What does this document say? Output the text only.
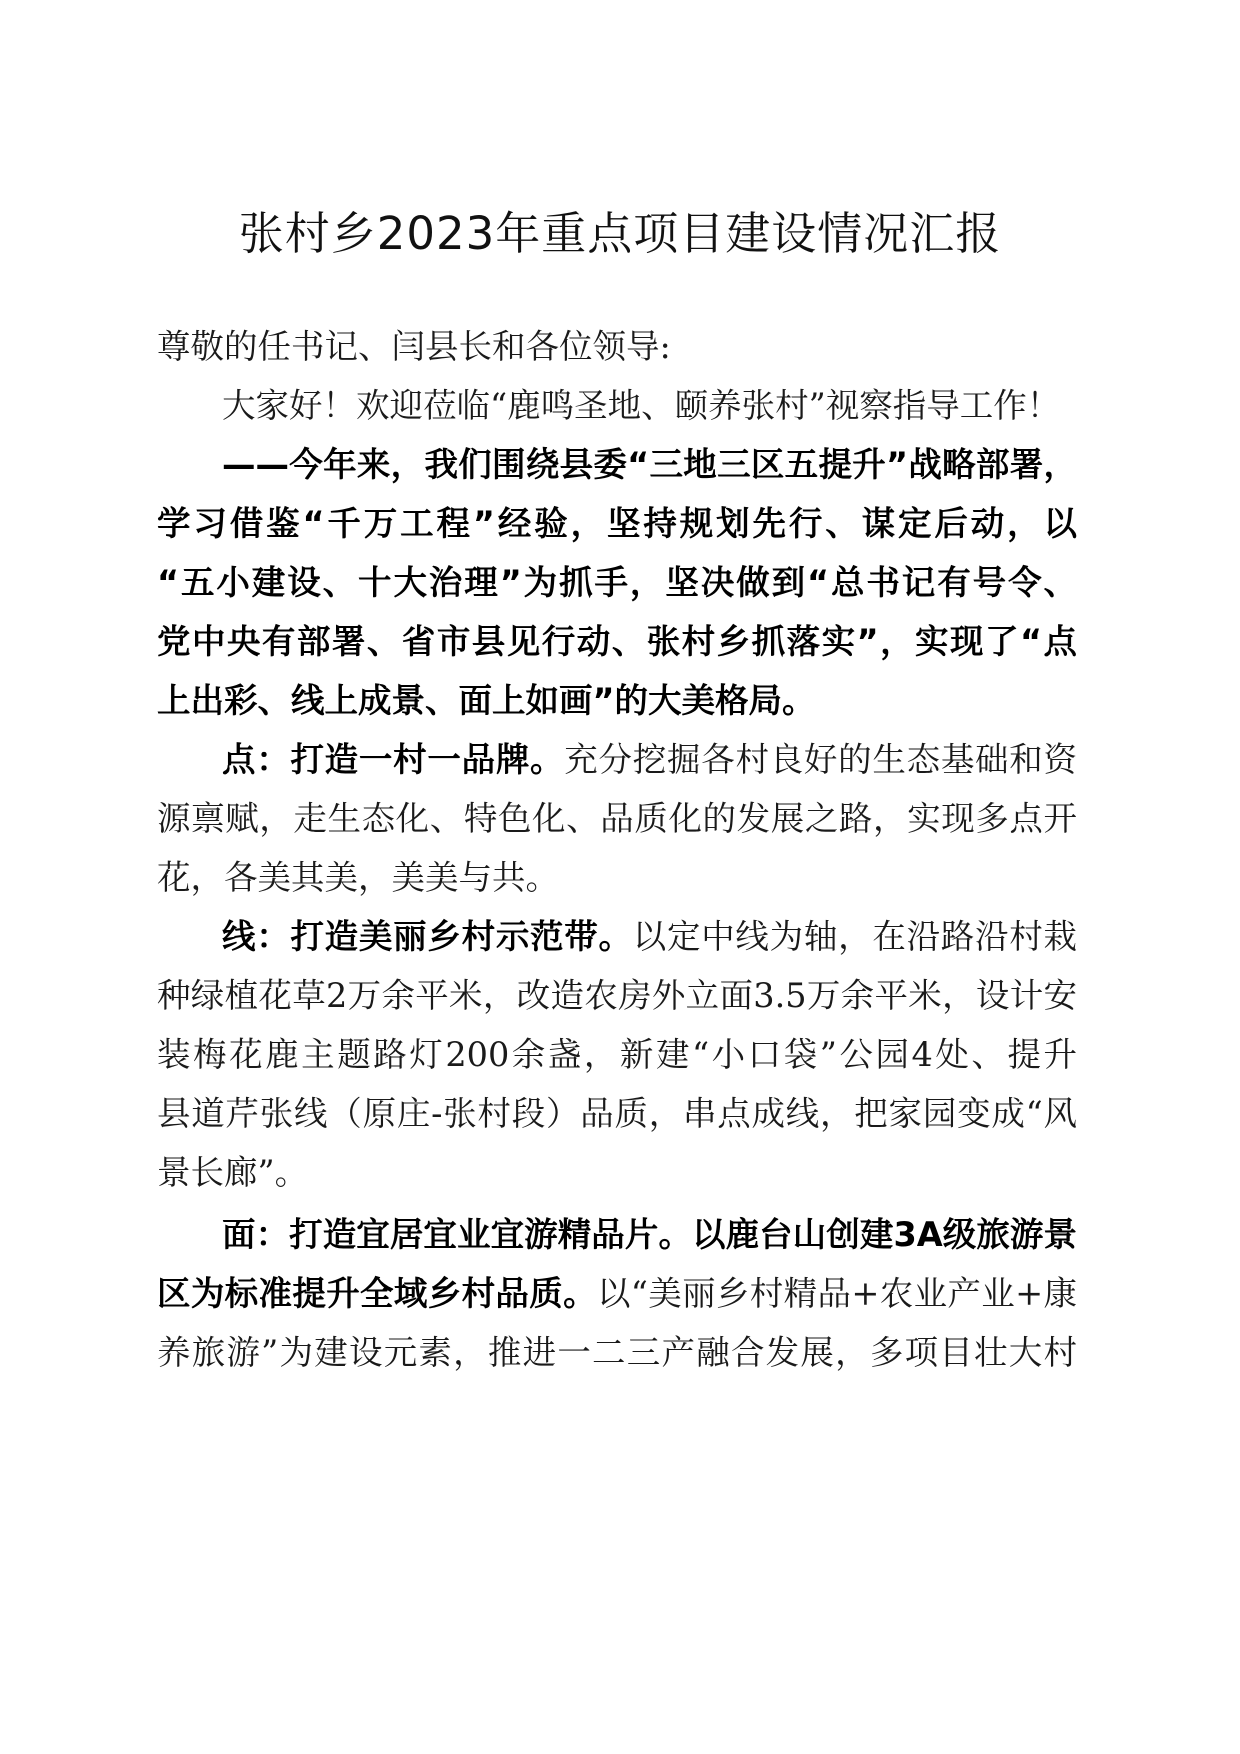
张村乡2023年重点项目建设情况汇报
尊敬的任书记、闫县长和各位领导:
大家好！欢迎莅临“鹿鸣圣地、颐养张村”视察指导工作！
——今年来，我们围绕县委“三地三区五提升”战略部署，
学习借鉴“千万工程”经验，坚持规划先行、谋定后动，以
“五小建设、十大治理”为抓手，坚决做到“总书记有号令、
党中央有部署、省市县见行动、张村乡抓落实”，实现了“点
上出彩、线上成景、面上如画”的大美格局。
点：打造一村一品牌。充分挖掘各村良好的生态基础和资
源禀赋，走生态化、特色化、品质化的发展之路，实现多点开
花，各美其美，美美与共。
线：打造美丽乡村示范带。以定中线为轴，在沿路沿村栽
种绿植花草2万余平米，改造农房外立面3.5万余平米，设计安
装梅花鹿主题路灯200余盏，新建“小口袋”公园4处、提升
县道芹张线（原庄-张村段）品质，串点成线，把家园变成“风
景长廊”。
面：打造宜居宜业宜游精品片。以鹿台山创建3A级旅游景
区为标准提升全域乡村品质。以“美丽乡村精品+农业产业+康
养旅游”为建设元素，推进一二三产融合发展，多项目壮大村
